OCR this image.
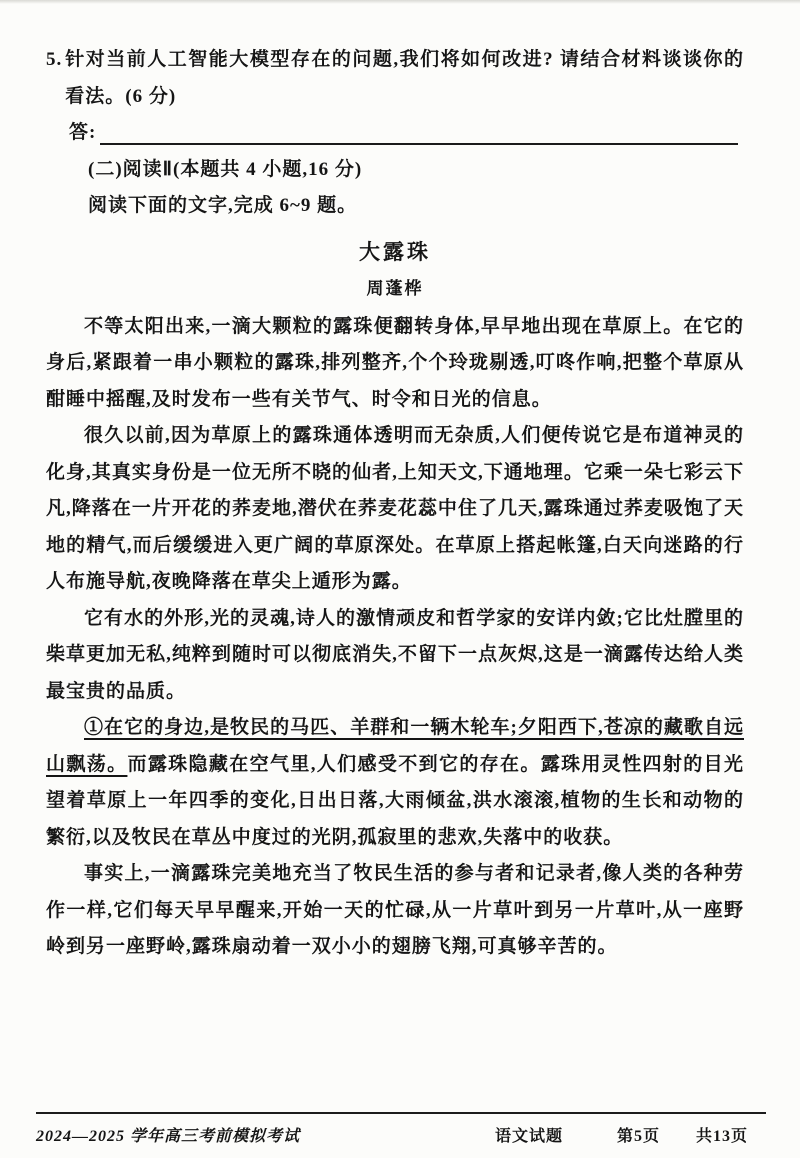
5. 针对当前人工智能大模型存在的问题,我们将如何改进? 请结合材料谈谈你的看法。(6 分)
答:
(二)阅读Ⅱ(本题共 4 小题,16 分)
阅读下面的文字,完成 6~9 题。
大露珠
周蓬桦

不等太阳出来,一滴大颗粒的露珠便翻转身体,早早地出现在草原上。在它的身后,紧跟着一串小颗粒的露珠,排列整齐,个个玲珑剔透,叮咚作响,把整个草原从酣睡中摇醒,及时发布一些有关节气、时令和日光的信息。

很久以前,因为草原上的露珠通体透明而无杂质,人们便传说它是布道神灵的化身,其真实身份是一位无所不晓的仙者,上知天文,下通地理。它乘一朵七彩云下凡,降落在一片开花的荞麦地,潜伏在荞麦花蕊中住了几天,露珠通过荞麦吸饱了天地的精气,而后缓缓进入更广阔的草原深处。在草原上搭起帐篷,白天向迷路的行人布施导航,夜晚降落在草尖上遁形为露。

它有水的外形,光的灵魂,诗人的激情顽皮和哲学家的安详内敛;它比灶膛里的柴草更加无私,纯粹到随时可以彻底消失,不留下一点灰烬,这是一滴露传达给人类最宝贵的品质。

①在它的身边,是牧民的马匹、羊群和一辆木轮车;夕阳西下,苍凉的藏歌自远山飘荡。而露珠隐藏在空气里,人们感受不到它的存在。露珠用灵性四射的目光望着草原上一年四季的变化,日出日落,大雨倾盆,洪水滚滚,植物的生长和动物的繁衍,以及牧民在草丛中度过的光阴,孤寂里的悲欢,失落中的收获。

事实上,一滴露珠完美地充当了牧民生活的参与者和记录者,像人类的各种劳作一样,它们每天早早醒来,开始一天的忙碌,从一片草叶到另一片草叶,从一座野岭到另一座野岭,露珠扇动着一双小小的翅膀飞翔,可真够辛苦的。

2024—2025 学年高三考前模拟考试	语文试题	第5页 共13页
